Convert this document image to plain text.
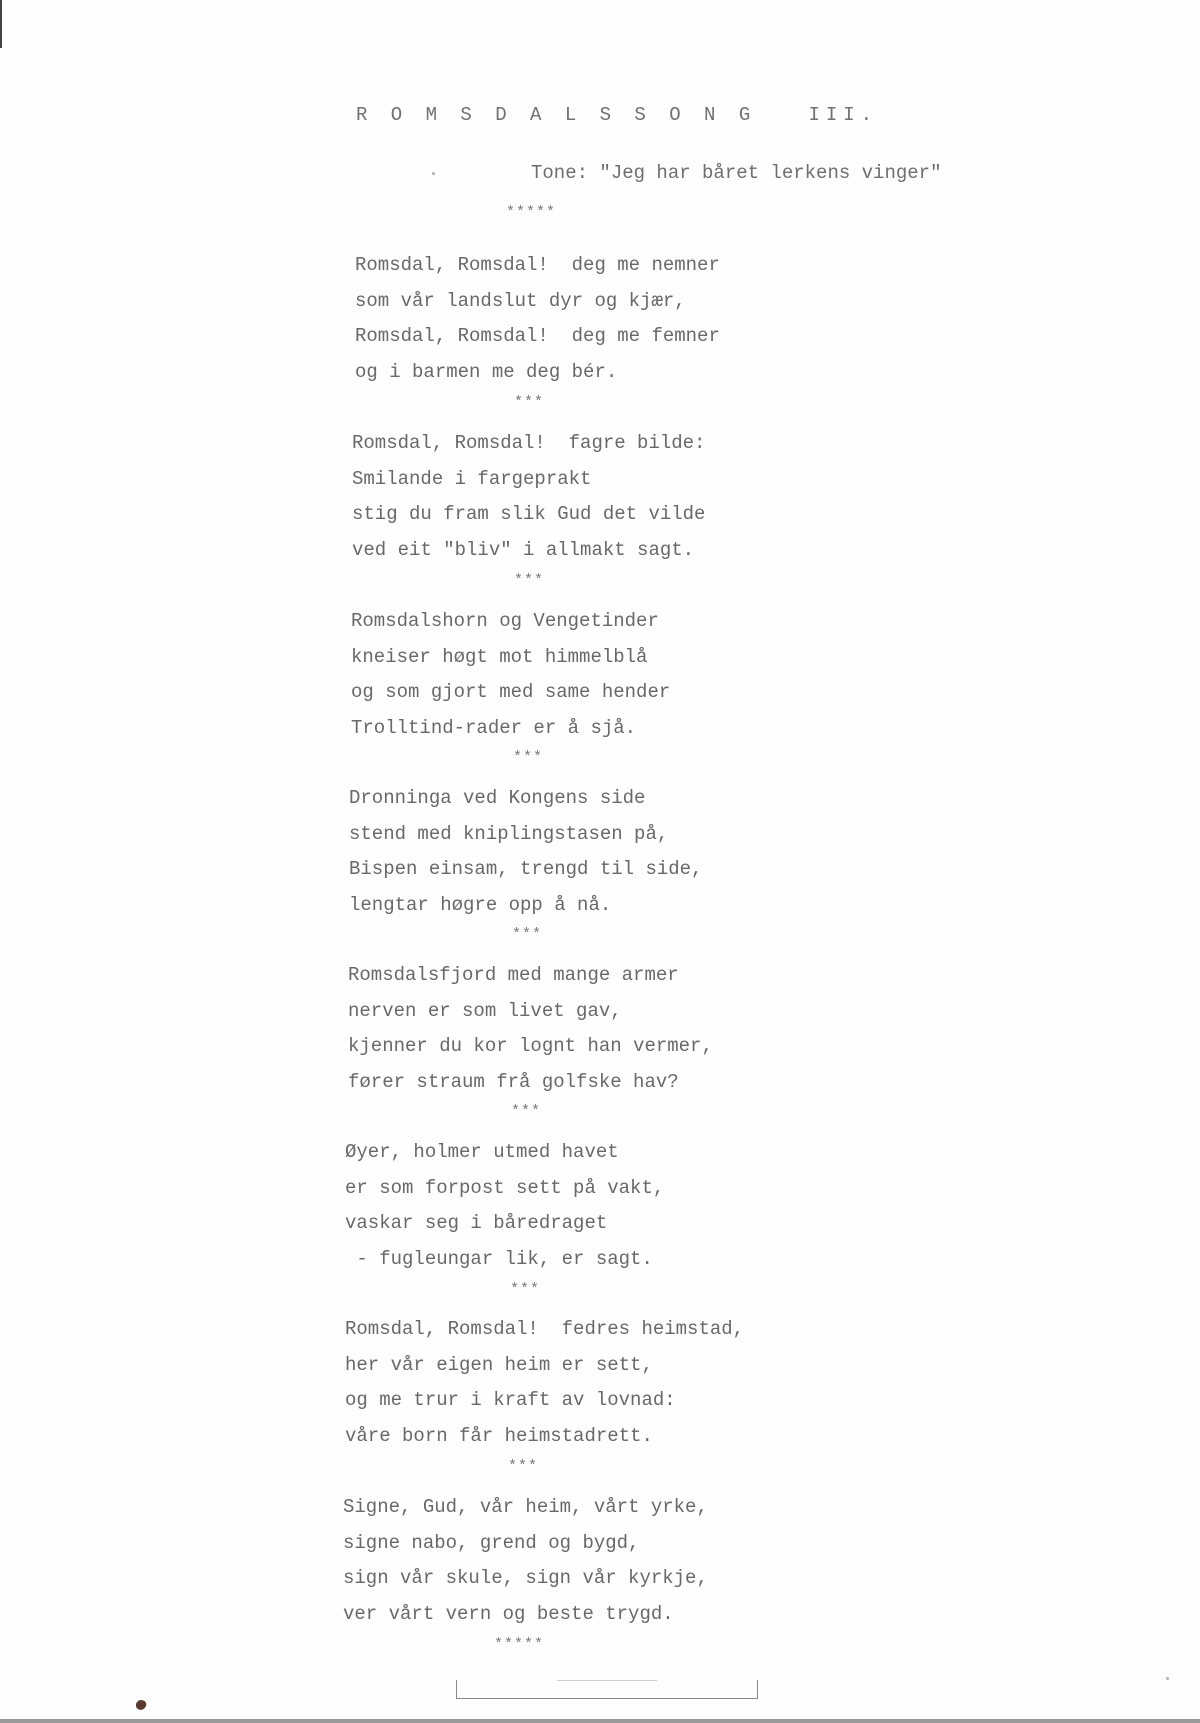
R O M S D A L S S O N G   III.
Tone: "Jeg har båret lerkens vinger"
*****
Romsdal, Romsdal!  deg me nemner
som vår landslut dyr og kjær,
Romsdal, Romsdal!  deg me femner
og i barmen me deg bér.
***
Romsdal, Romsdal!  fagre bilde:
Smilande i fargeprakt
stig du fram slik Gud det vilde
ved eit "bliv" i allmakt sagt.
***
Romsdalshorn og Vengetinder
kneiser høgt mot himmelblå
og som gjort med same hender
Trolltind-rader er å sjå.
***
Dronninga ved Kongens side
stend med kniplingstasen på,
Bispen einsam, trengd til side,
lengtar høgre opp å nå.
***
Romsdalsfjord med mange armer
nerven er som livet gav,
kjenner du kor lognt han vermer,
fører straum frå golfske hav?
***
Øyer, holmer utmed havet
er som forpost sett på vakt,
vaskar seg i båredraget
- fugleungar lik, er sagt.
***
Romsdal, Romsdal!  fedres heimstad,
her vår eigen heim er sett,
og me trur i kraft av lovnad:
våre born får heimstadrett.
***
Signe, Gud, vår heim, vårt yrke,
signe nabo, grend og bygd,
sign vår skule, sign vår kyrkje,
ver vårt vern og beste trygd.
*****
